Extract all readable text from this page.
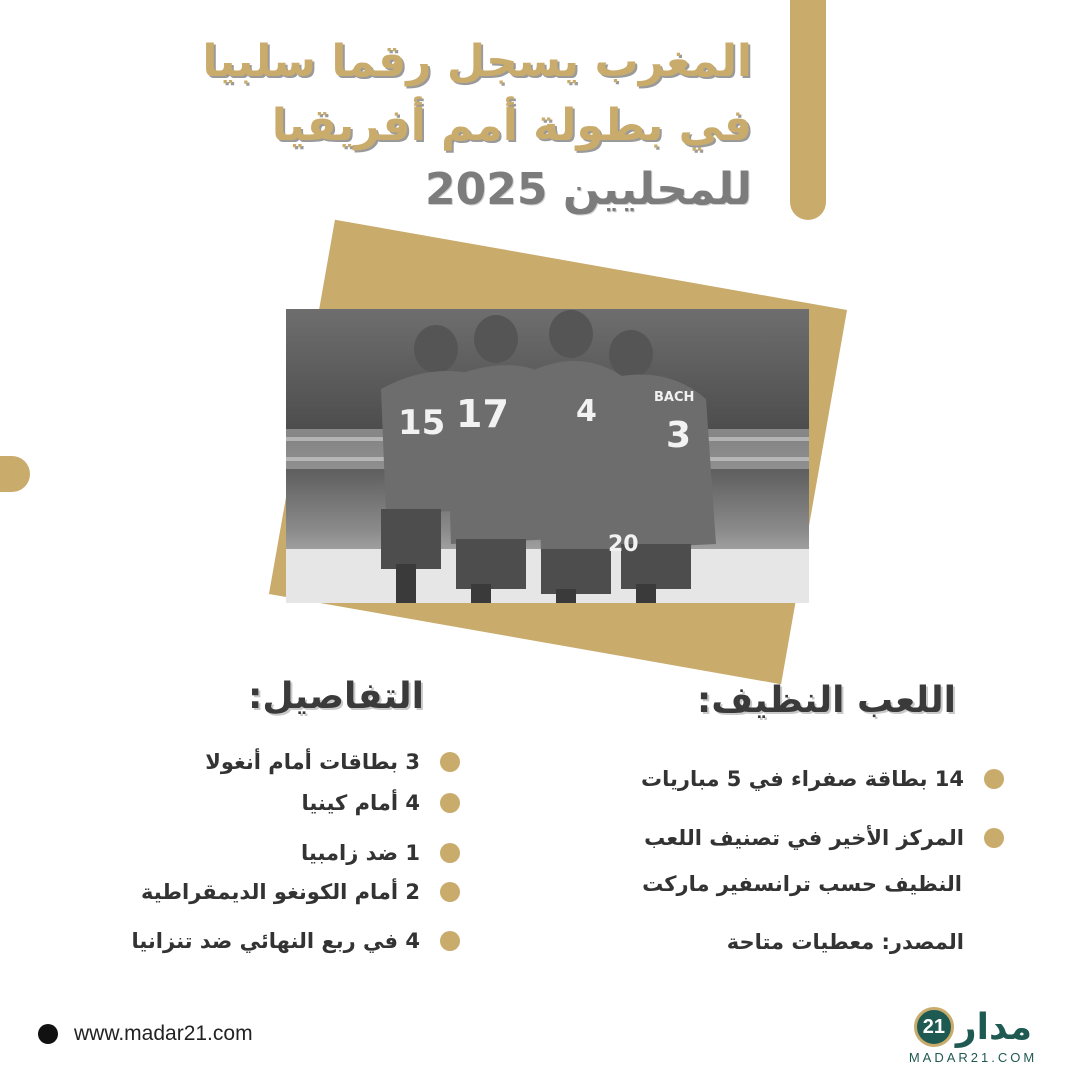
المغرب يسجل رقما سلبيا
في بطولة أمم أفريقيا
للمحليين 2025
15 17 4
3
20
BACH
التفاصيل:	اللعب النظيف:
3 بطاقات أمام أنغولا
4 أمام كينيا
1 ضد زامبيا
2 أمام الكونغو الديمقراطية
4 في ربع النهائي ضد تنزانيا
14 بطاقة صفراء في 5 مباريات
المركز الأخير في تصنيف اللعب
النظيف حسب ترانسفير ماركت
المصدر: معطيات متاحة
www.madar21.com	مدار
21
MADAR21.COM
